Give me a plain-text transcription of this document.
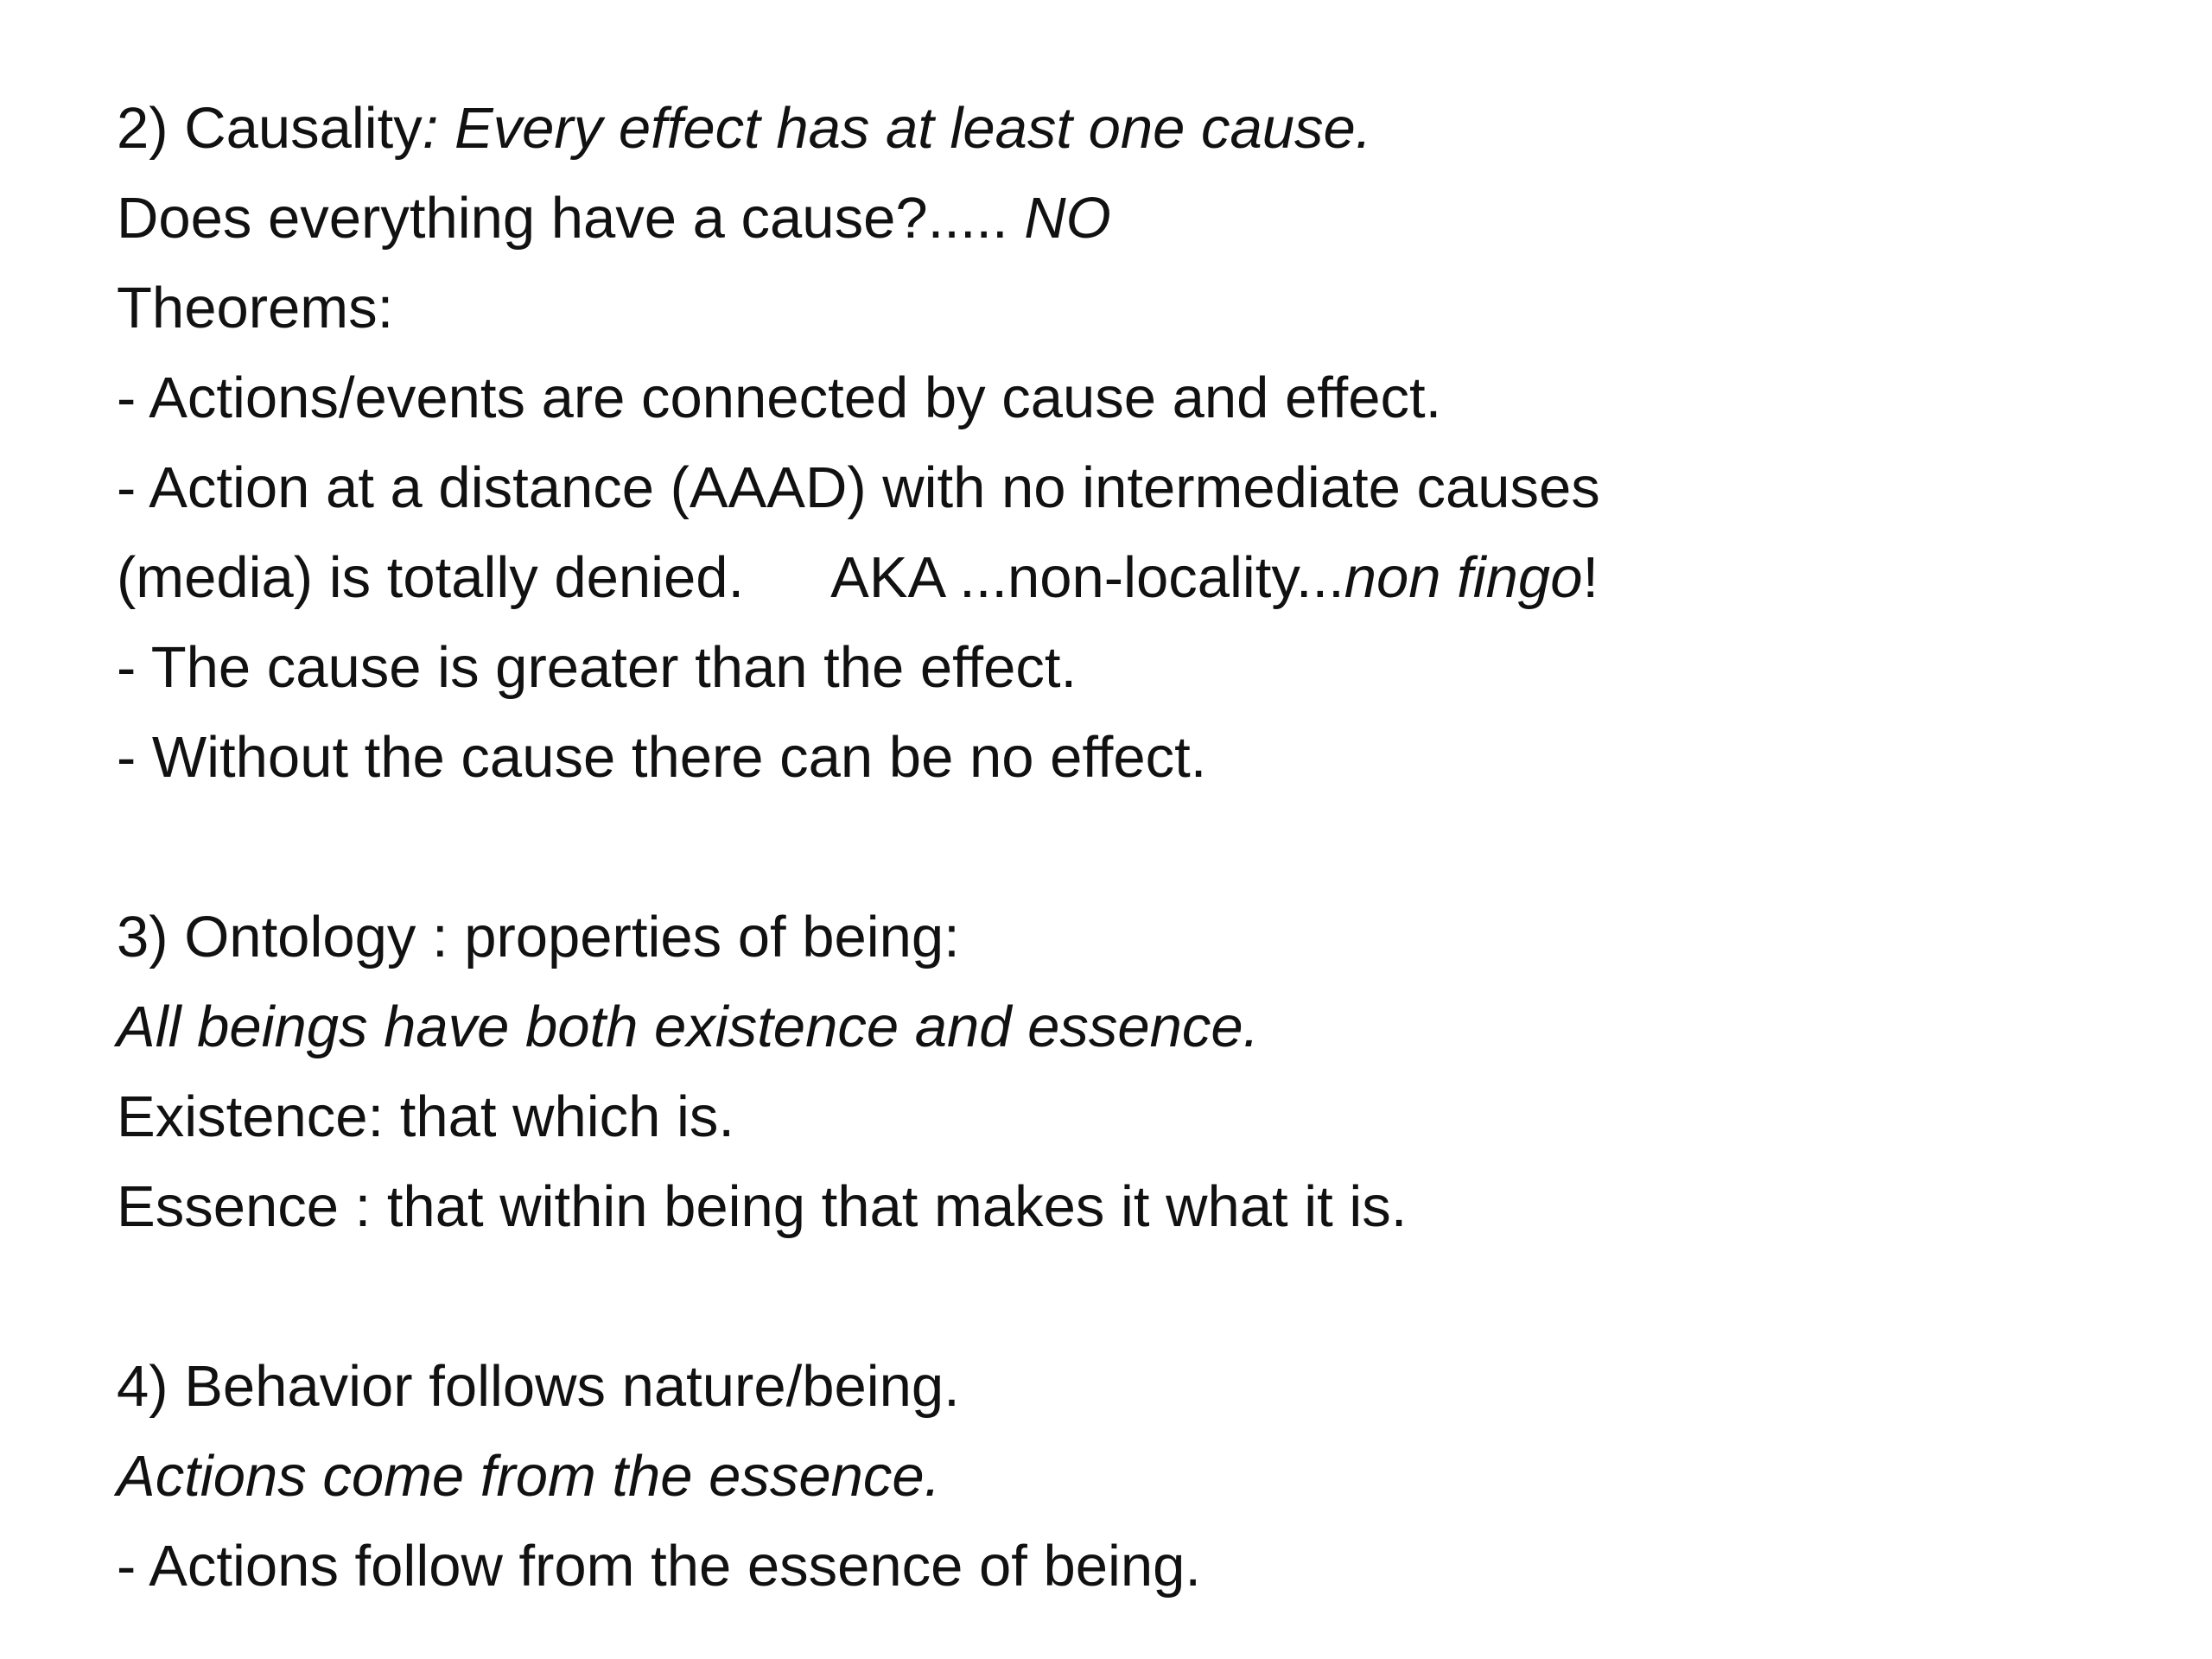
2) Causality: Every effect has at least one cause.
Does everything have a cause?..... NO
Theorems:
- Actions/events are connected by cause and effect.
- Action at a distance (AAAD) with no intermediate causes
(media) is totally denied. AKA ...non-locality...non fingo!
- The cause is greater than the effect.
- Without the cause there can be no effect.
3) Ontology : properties of being:
All beings have both existence and essence.
Existence: that which is.
Essence : that within being that makes it what it is.
4) Behavior follows nature/being.
Actions come from the essence.
- Actions follow from the essence of being.
